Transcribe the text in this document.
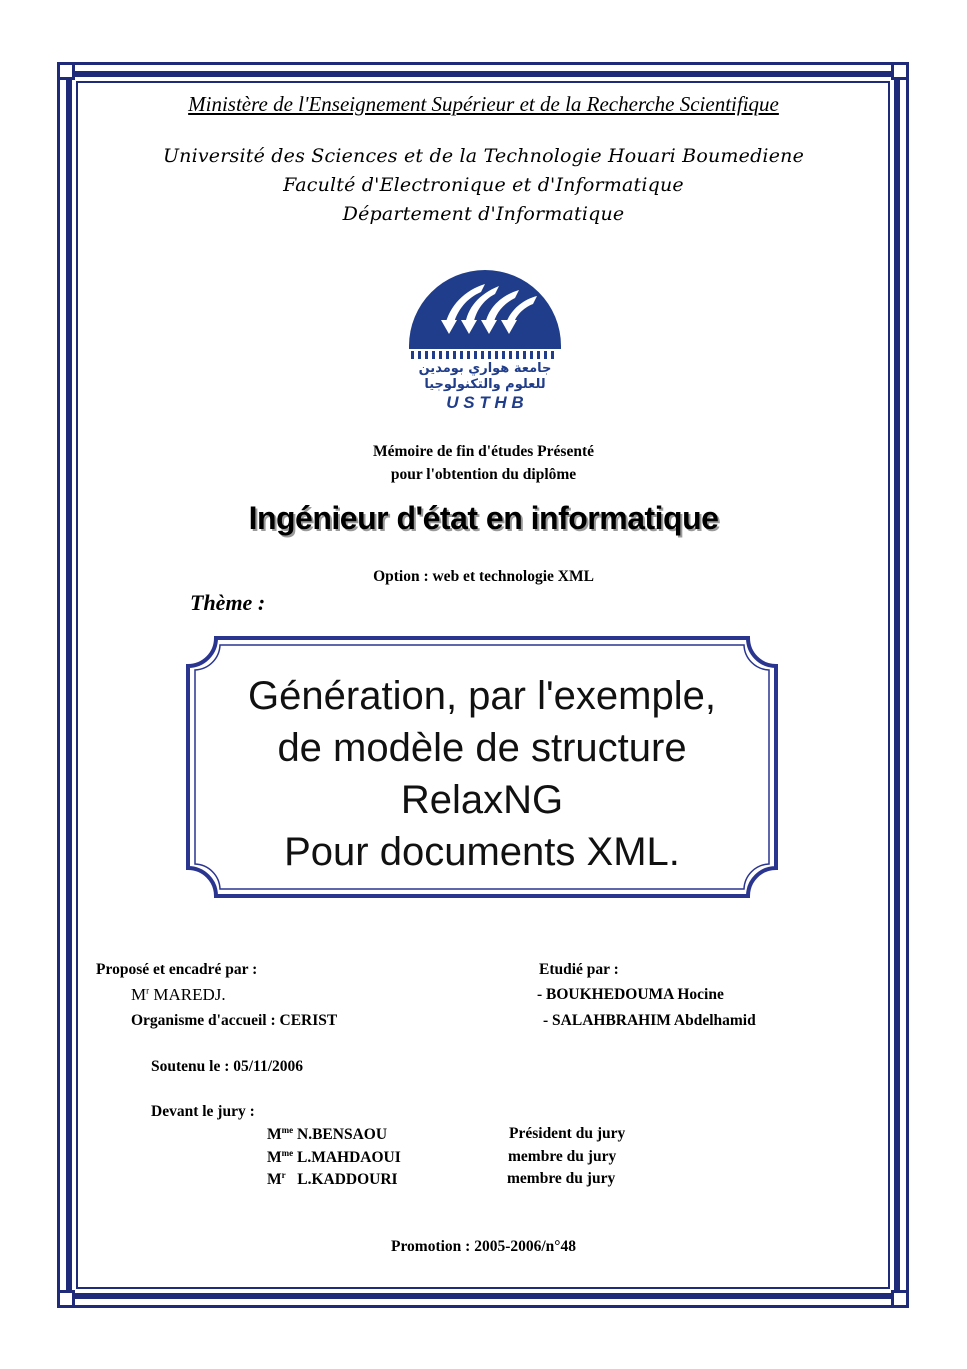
Ministère de l'Enseignement Supérieur et de la Recherche Scientifique
Université des Sciences et de la Technologie Houari Boumediene
Faculté d'Electronique et d'Informatique
Département d'Informatique
جامعة هواري بومدين
للعلوم والتكنولوجيا
U S T H B
Mémoire de fin d'études Présenté
pour l'obtention du diplôme
Ingénieur d'état en informatique
Option : web et technologie XML
Thème :
Génération, par l'exemple,
de modèle de structure
RelaxNG
Pour documents XML.
Proposé et encadré par :
$M^r$ MAREDJ.
Organisme d'accueil : CERIST
Etudié par :
- BOUKHEDOUMA Hocine
- SALAHBRAHIM Abdelhamid
Soutenu le : 05/11/2006
Devant le jury :
$M^{me}$ N.BENSAOU	Président du jury
$M^{me}$ L.MAHDAOUI	membre du jury
$M^r$ L.KADDOURI	membre du jury
Promotion : 2005-2006/n°48
